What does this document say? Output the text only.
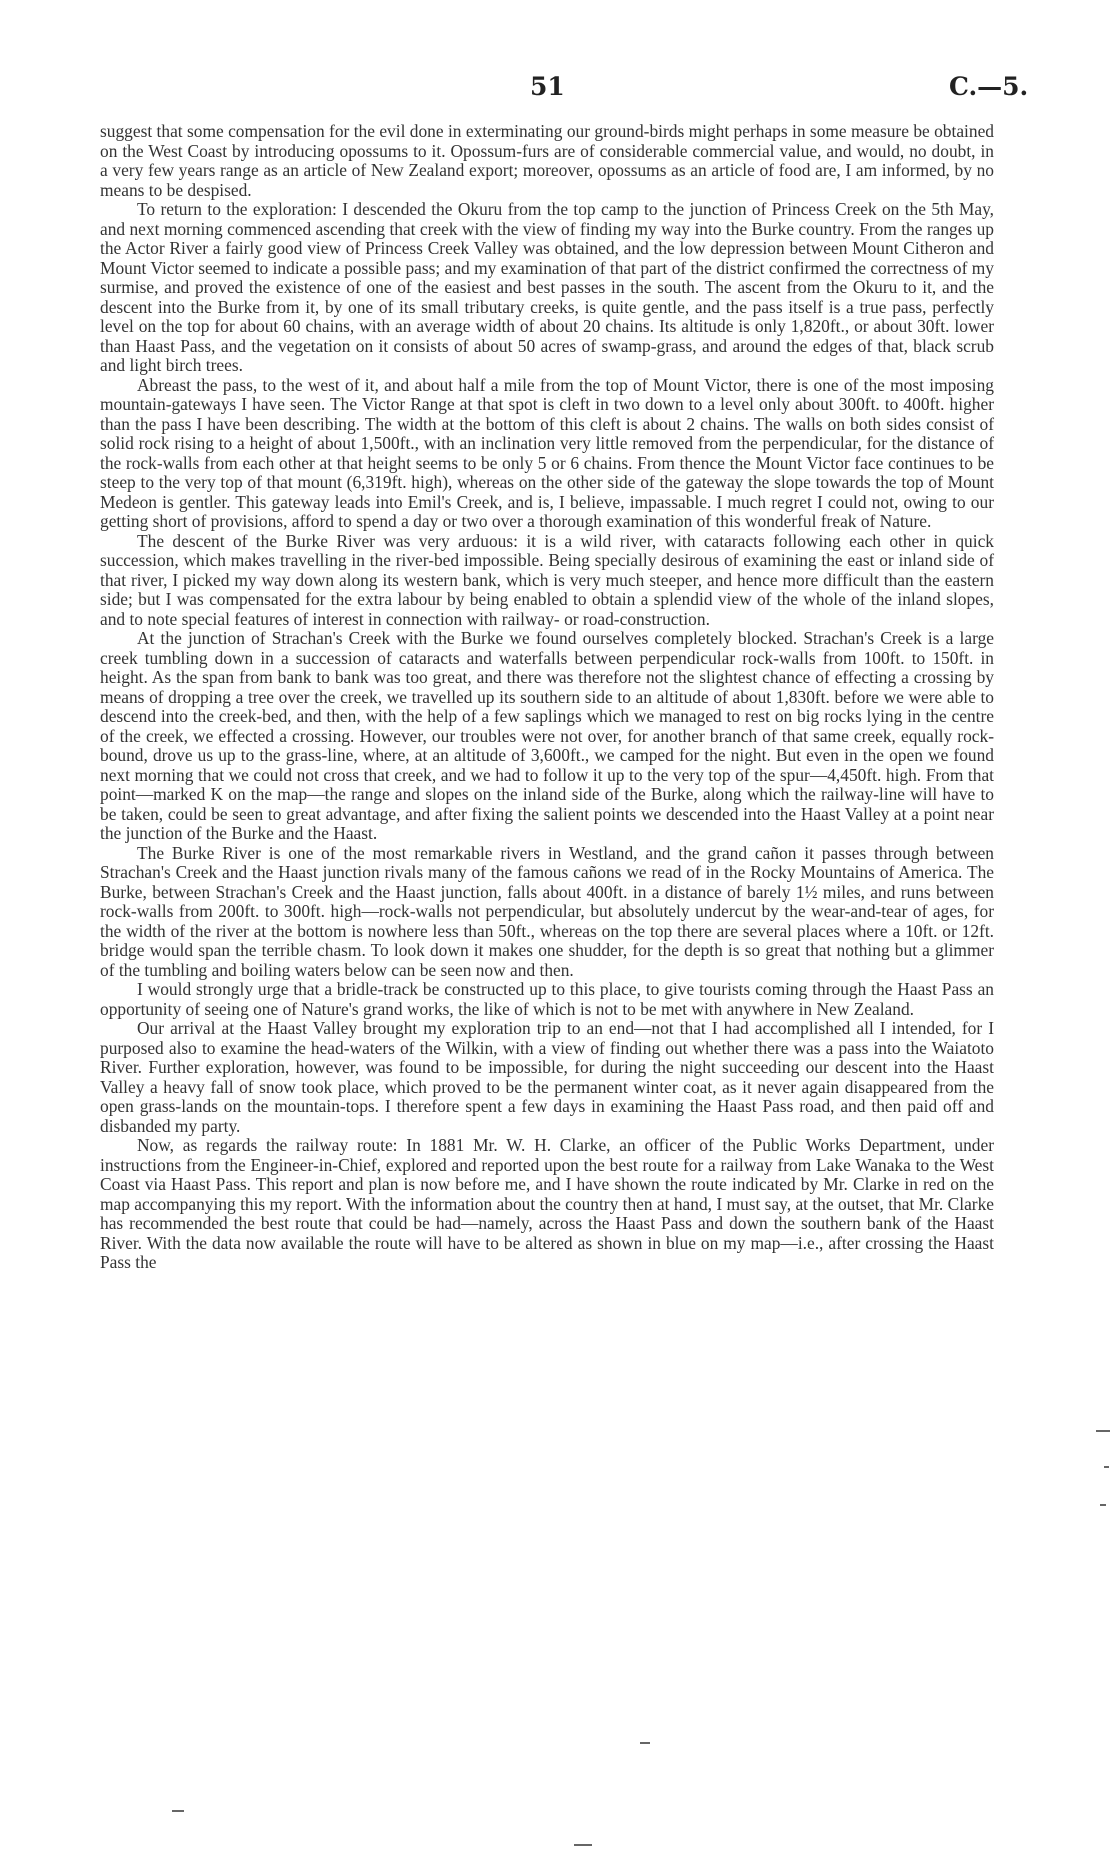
51	C.—5.

suggest that some compensation for the evil done in exterminating our ground-birds might perhaps in some measure be obtained on the West Coast by introducing opossums to it. Opossum-furs are of considerable commercial value, and would, no doubt, in a very few years range as an article of New Zealand export; moreover, opossums as an article of food are, I am informed, by no means to be despised.

To return to the exploration: I descended the Okuru from the top camp to the junction of Princess Creek on the 5th May, and next morning commenced ascending that creek with the view of finding my way into the Burke country. From the ranges up the Actor River a fairly good view of Princess Creek Valley was obtained, and the low depression between Mount Citheron and Mount Victor seemed to indicate a possible pass; and my examination of that part of the district confirmed the correctness of my surmise, and proved the existence of one of the easiest and best passes in the south. The ascent from the Okuru to it, and the descent into the Burke from it, by one of its small tributary creeks, is quite gentle, and the pass itself is a true pass, perfectly level on the top for about 60 chains, with an average width of about 20 chains. Its altitude is only 1,820ft., or about 30ft. lower than Haast Pass, and the vegetation on it consists of about 50 acres of swamp-grass, and around the edges of that, black scrub and light birch trees.

Abreast the pass, to the west of it, and about half a mile from the top of Mount Victor, there is one of the most imposing mountain-gateways I have seen. The Victor Range at that spot is cleft in two down to a level only about 300ft. to 400ft. higher than the pass I have been describing. The width at the bottom of this cleft is about 2 chains. The walls on both sides consist of solid rock rising to a height of about 1,500ft., with an inclination very little removed from the perpendicular, for the distance of the rock-walls from each other at that height seems to be only 5 or 6 chains. From thence the Mount Victor face continues to be steep to the very top of that mount (6,319ft. high), whereas on the other side of the gateway the slope towards the top of Mount Medeon is gentler. This gateway leads into Emil's Creek, and is, I believe, impassable. I much regret I could not, owing to our getting short of provisions, afford to spend a day or two over a thorough examination of this wonderful freak of Nature.

The descent of the Burke River was very arduous: it is a wild river, with cataracts following each other in quick succession, which makes travelling in the river-bed impossible. Being specially desirous of examining the east or inland side of that river, I picked my way down along its western bank, which is very much steeper, and hence more difficult than the eastern side; but I was compensated for the extra labour by being enabled to obtain a splendid view of the whole of the inland slopes, and to note special features of interest in connection with railway- or road-construction.

At the junction of Strachan's Creek with the Burke we found ourselves completely blocked. Strachan's Creek is a large creek tumbling down in a succession of cataracts and waterfalls between perpendicular rock-walls from 100ft. to 150ft. in height. As the span from bank to bank was too great, and there was therefore not the slightest chance of effecting a crossing by means of dropping a tree over the creek, we travelled up its southern side to an altitude of about 1,830ft. before we were able to descend into the creek-bed, and then, with the help of a few saplings which we managed to rest on big rocks lying in the centre of the creek, we effected a crossing. However, our troubles were not over, for another branch of that same creek, equally rock-bound, drove us up to the grass-line, where, at an altitude of 3,600ft., we camped for the night. But even in the open we found next morning that we could not cross that creek, and we had to follow it up to the very top of the spur—4,450ft. high. From that point—marked K on the map—the range and slopes on the inland side of the Burke, along which the railway-line will have to be taken, could be seen to great advantage, and after fixing the salient points we descended into the Haast Valley at a point near the junction of the Burke and the Haast.

The Burke River is one of the most remarkable rivers in Westland, and the grand cañon it passes through between Strachan's Creek and the Haast junction rivals many of the famous cañons we read of in the Rocky Mountains of America. The Burke, between Strachan's Creek and the Haast junction, falls about 400ft. in a distance of barely 1½ miles, and runs between rock-walls from 200ft. to 300ft. high—rock-walls not perpendicular, but absolutely undercut by the wear-and-tear of ages, for the width of the river at the bottom is nowhere less than 50ft., whereas on the top there are several places where a 10ft. or 12ft. bridge would span the terrible chasm. To look down it makes one shudder, for the depth is so great that nothing but a glimmer of the tumbling and boiling waters below can be seen now and then.

I would strongly urge that a bridle-track be constructed up to this place, to give tourists coming through the Haast Pass an opportunity of seeing one of Nature's grand works, the like of which is not to be met with anywhere in New Zealand.

Our arrival at the Haast Valley brought my exploration trip to an end—not that I had accomplished all I intended, for I purposed also to examine the head-waters of the Wilkin, with a view of finding out whether there was a pass into the Waiatoto River. Further exploration, however, was found to be impossible, for during the night succeeding our descent into the Haast Valley a heavy fall of snow took place, which proved to be the permanent winter coat, as it never again disappeared from the open grass-lands on the mountain-tops. I therefore spent a few days in examining the Haast Pass road, and then paid off and disbanded my party.

Now, as regards the railway route: In 1881 Mr. W. H. Clarke, an officer of the Public Works Department, under instructions from the Engineer-in-Chief, explored and reported upon the best route for a railway from Lake Wanaka to the West Coast via Haast Pass. This report and plan is now before me, and I have shown the route indicated by Mr. Clarke in red on the map accompanying this my report. With the information about the country then at hand, I must say, at the outset, that Mr. Clarke has recommended the best route that could be had—namely, across the Haast Pass and down the southern bank of the Haast River. With the data now available the route will have to be altered as shown in blue on my map—i.e., after crossing the Haast Pass the
